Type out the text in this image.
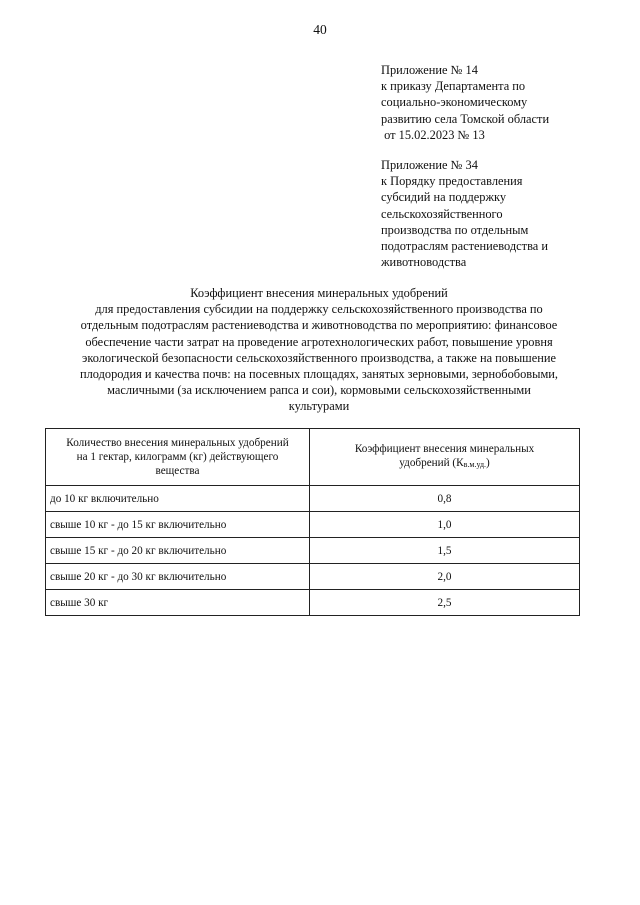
40
Приложение № 14
к приказу Департамента по
социально-экономическому
развитию села Томской области
от 15.02.2023 № 13
Приложение № 34
к Порядку предоставления
субсидий на поддержку
сельскохозяйственного
производства по отдельным
подотраслям растениеводства и
животноводства
Коэффициент внесения минеральных удобрений
для предоставления субсидии на поддержку сельскохозяйственного производства по
отдельным подотраслям растениеводства и животноводства по мероприятию: финансовое
обеспечение части затрат на проведение агротехнологических работ, повышение уровня
экологической безопасности сельскохозяйственного производства, а также на повышение
плодородия и качества почв: на посевных площадях, занятых зерновыми, зернобобовыми,
масличными (за исключением рапса и сои), кормовыми сельскохозяйственными
культурами
Количество внесения минеральных удобрений
на 1 гектар, килограмм (кг) действующего
вещества	Коэффициент внесения минеральных
удобрений (Кв.м.уд.)
до 10 кг включительно	0,8
свыше 10 кг - до 15 кг включительно	1,0
свыше 15 кг - до 20 кг включительно	1,5
свыше 20 кг - до 30 кг включительно	2,0
свыше 30 кг	2,5
